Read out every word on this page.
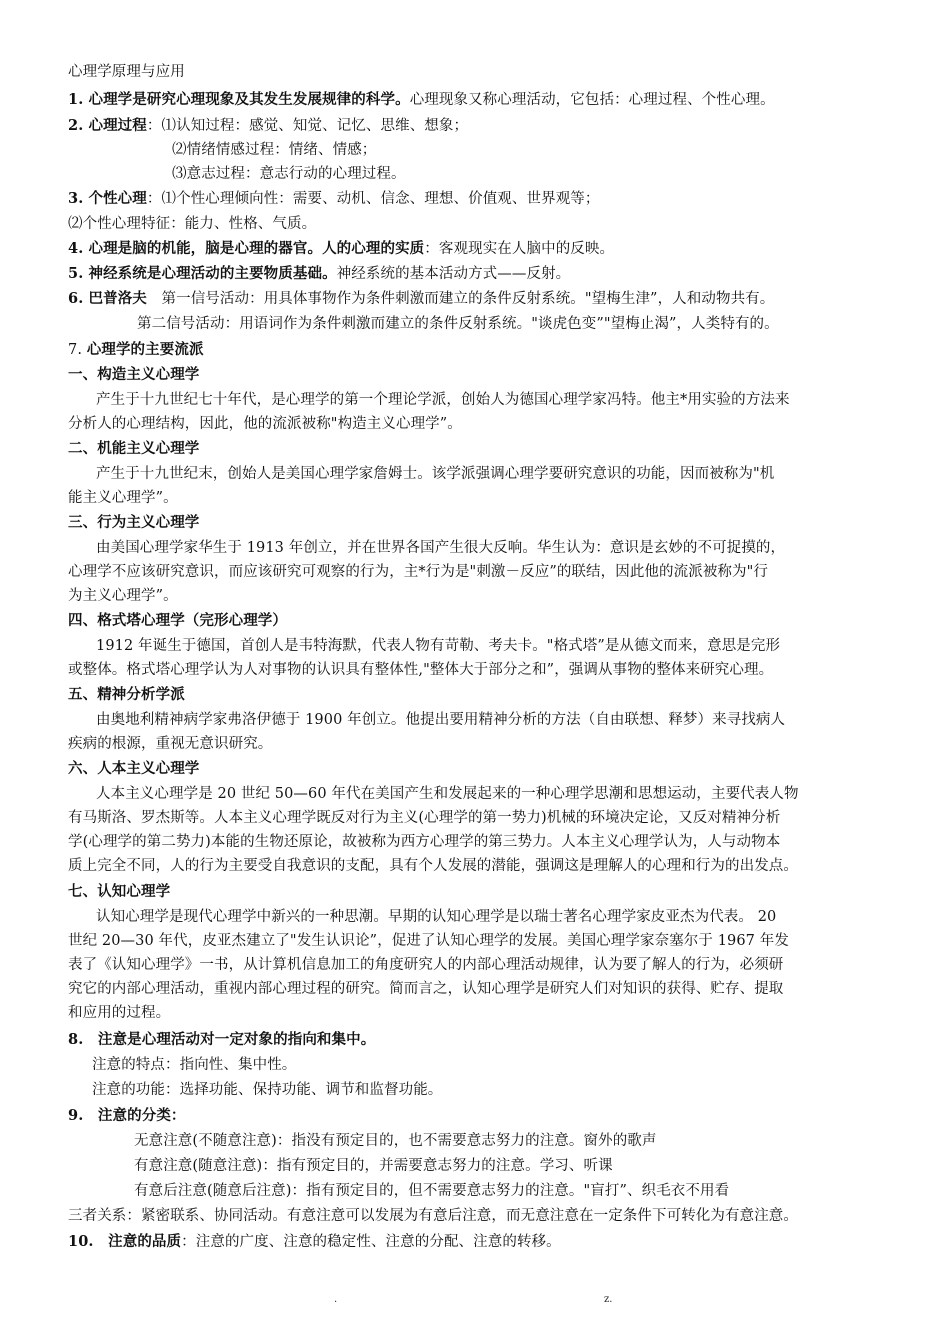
心理学原理与应用
1. 心理学是研究心理现象及其发生发展规律的科学。心理现象又称心理活动，它包括：心理过程、个性心理。
2. 心理过程：⑴认知过程：感觉、知觉、记忆、思维、想象；
⑵情绪情感过程：情绪、情感；
⑶意志过程：意志行动的心理过程。
3. 个性心理：⑴个性心理倾向性：需要、动机、信念、理想、价值观、世界观等；
⑵个性心理特征：能力、性格、气质。
4. 心理是脑的机能，脑是心理的器官。人的心理的实质：客观现实在人脑中的反映。
5. 神经系统是心理活动的主要物质基础。神经系统的基本活动方式——反射。
6. 巴普洛夫　第一信号活动：用具体事物作为条件刺激而建立的条件反射系统。"望梅生津”，人和动物共有。
第二信号活动：用语词作为条件刺激而建立的条件反射系统。"谈虎色变”"望梅止渴”，人类特有的。
7. 心理学的主要流派
一、构造主义心理学
产生于十九世纪七十年代，是心理学的第一个理论学派，创始人为德国心理学家冯特。他主*用实验的方法来
分析人的心理结构，因此，他的流派被称"构造主义心理学”。
二、机能主义心理学
产生于十九世纪末，创始人是美国心理学家詹姆士。该学派强调心理学要研究意识的功能，因而被称为"机
能主义心理学”。
三、行为主义心理学
由美国心理学家华生于 1913 年创立，并在世界各国产生很大反响。华生认为：意识是玄妙的不可捉摸的，
心理学不应该研究意识，而应该研究可观察的行为，主*行为是"刺激－反应”的联结，因此他的流派被称为"行
为主义心理学”。
四、格式塔心理学（完形心理学）
1912 年诞生于德国，首创人是韦特海默，代表人物有苛勒、考夫卡。"格式塔”是从德文而来，意思是完形
或整体。格式塔心理学认为人对事物的认识具有整体性,"整体大于部分之和”，强调从事物的整体来研究心理。
五、精神分析学派
由奥地利精神病学家弗洛伊德于 1900 年创立。他提出要用精神分析的方法（自由联想、释梦）来寻找病人
疾病的根源，重视无意识研究。
六、人本主义心理学
人本主义心理学是 20 世纪 50—60 年代在美国产生和发展起来的一种心理学思潮和思想运动，主要代表人物
有马斯洛、罗杰斯等。人本主义心理学既反对行为主义(心理学的第一势力)机械的环境决定论，又反对精神分析
学(心理学的第二势力)本能的生物还原论，故被称为西方心理学的第三势力。人本主义心理学认为，人与动物本
质上完全不同，人的行为主要受自我意识的支配，具有个人发展的潜能，强调这是理解人的心理和行为的出发点。
七、认知心理学
认知心理学是现代心理学中新兴的一种思潮。早期的认知心理学是以瑞士著名心理学家皮亚杰为代表。 20
世纪 20—30 年代，皮亚杰建立了"发生认识论”，促进了认知心理学的发展。美国心理学家奈塞尔于 1967 年发
表了《认知心理学》一书，从计算机信息加工的角度研究人的内部心理活动规律，认为要了解人的行为，必须研
究它的内部心理活动，重视内部心理过程的研究。简而言之，认知心理学是研究人们对知识的获得、贮存、提取
和应用的过程。
8.　注意是心理活动对一定对象的指向和集中。
注意的特点：指向性、集中性。
注意的功能：选择功能、保持功能、调节和监督功能。
9.　注意的分类：
无意注意(不随意注意)：指没有预定目的，也不需要意志努力的注意。窗外的歌声
有意注意(随意注意)：指有预定目的，并需要意志努力的注意。学习、听课
有意后注意(随意后注意)：指有预定目的，但不需要意志努力的注意。"盲打”、织毛衣不用看
三者关系：紧密联系、协同活动。有意注意可以发展为有意后注意，而无意注意在一定条件下可转化为有意注意。
10.　注意的品质：注意的广度、注意的稳定性、注意的分配、注意的转移。
.	z.
